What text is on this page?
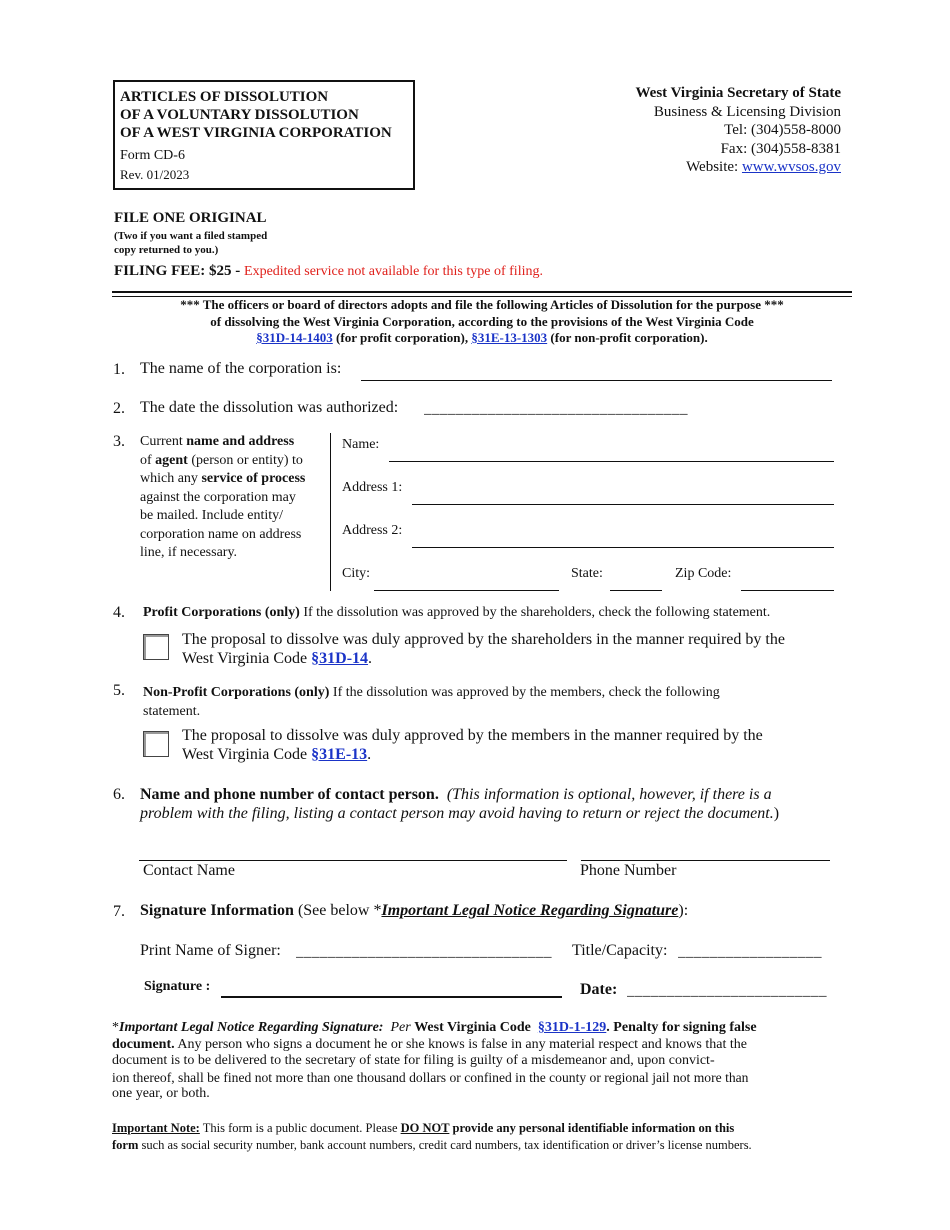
ARTICLES OF DISSOLUTION
OF A VOLUNTARY DISSOLUTION
OF A WEST VIRGINIA CORPORATION
Form CD-6
Rev. 01/2023
West Virginia Secretary of State
Business & Licensing Division
Tel: (304)558-8000
Fax: (304)558-8381
Website: www.wvsos.gov
FILE ONE ORIGINAL
(Two if you want a filed stamped
copy returned to you.)
FILING FEE: $25 - Expedited service not available for this type of filing.
*** The officers or board of directors adopts and file the following Articles of Dissolution for the purpose ***
of dissolving the West Virginia Corporation, according to the provisions of the West Virginia Code
§31D-14-1403 (for profit corporation), §31E-13-1303 (for non-profit corporation).
1. The name of the corporation is:
2. The date the dissolution was authorized: _________________________________
3. Current name and address
of agent (person or entity) to
which any service of process
against the corporation may
be mailed. Include entity/
corporation name on address
line, if necessary.
Name:
Address 1:
Address 2:
City:	State:	Zip Code:
4. Profit Corporations (only) If the dissolution was approved by the shareholders, check the following statement.
The proposal to dissolve was duly approved by the shareholders in the manner required by the
West Virginia Code §31D-14.
5. Non-Profit Corporations (only) If the dissolution was approved by the members, check the following
statement.
The proposal to dissolve was duly approved by the members in the manner required by the
West Virginia Code §31E-13.
6. Name and phone number of contact person. (This information is optional, however, if there is a
problem with the filing, listing a contact person may avoid having to return or reject the document.)
Contact Name	Phone Number
7. Signature Information (See below *Important Legal Notice Regarding Signature):
Print Name of Signer: ________________________________	Title/Capacity: __________________
Signature :	Date: _________________________
*Important Legal Notice Regarding Signature: Per West Virginia Code §31D-1-129. Penalty for signing false
document. Any person who signs a document he or she knows is false in any material respect and knows that the
document is to be delivered to the secretary of state for filing is guilty of a misdemeanor and, upon convict-
ion thereof, shall be fined not more than one thousand dollars or confined in the county or regional jail not more than
one year, or both.
Important Note: This form is a public document. Please DO NOT provide any personal identifiable information on this
form such as social security number, bank account numbers, credit card numbers, tax identification or driver’s license numbers.
